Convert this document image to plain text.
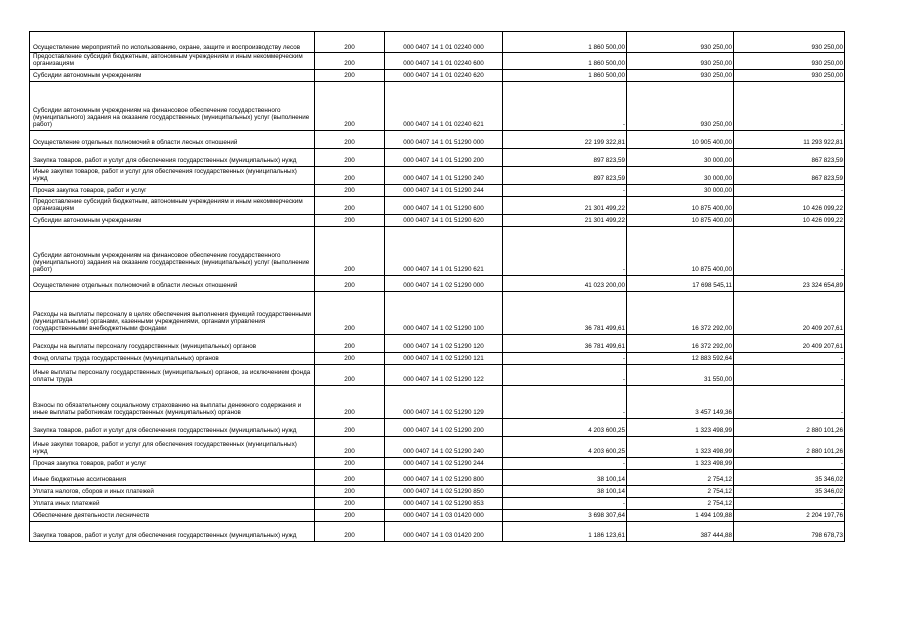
Осуществление мероприятий по использованию, охране, защите и воспроизводству лесов	200	000 0407 14 1 01 02240 000	1 860 500,00	930 250,00	930 250,00
Предоставление субсидий бюджетным, автономным учреждениям и иным некоммерческим организациям	200	000 0407 14 1 01 02240 600	1 860 500,00	930 250,00	930 250,00
Субсидии автономным учреждениям	200	000 0407 14 1 01 02240 620	1 860 500,00	930 250,00	930 250,00
Субсидии автономным учреждениям на финансовое обеспечение государственного (муниципального) задания на оказание государственных (муниципальных) услуг (выполнение работ)	200	000 0407 14 1 01 02240 621	-	930 250,00	-
Осуществление отдельных полномочий в области лесных отношений	200	000 0407 14 1 01 51290 000	22 199 322,81	10 905 400,00	11 293 922,81
Закупка товаров, работ и услуг для обеспечения государственных (муниципальных) нужд	200	000 0407 14 1 01 51290 200	897 823,59	30 000,00	867 823,59
Иные закупки товаров, работ и услуг для обеспечения государственных (муниципальных) нужд	200	000 0407 14 1 01 51290 240	897 823,59	30 000,00	867 823,59
Прочая закупка товаров, работ и услуг	200	000 0407 14 1 01 51290 244	-	30 000,00	-
Предоставление субсидий бюджетным, автономным учреждениям и иным некоммерческим организациям	200	000 0407 14 1 01 51290 600	21 301 499,22	10 875 400,00	10 426 099,22
Субсидии автономным учреждениям	200	000 0407 14 1 01 51290 620	21 301 499,22	10 875 400,00	10 426 099,22
Субсидии автономным учреждениям на финансовое обеспечение государственного (муниципального) задания на оказание государственных (муниципальных) услуг (выполнение работ)	200	000 0407 14 1 01 51290 621	-	10 875 400,00	-
Осуществление отдельных полномочий в области лесных отношений	200	000 0407 14 1 02 51290 000	41 023 200,00	17 698 545,11	23 324 654,89
Расходы на выплаты персоналу в целях обеспечения выполнения функций государственными (муниципальными) органами, казенными учреждениями, органами управления государственными внебюджетными фондами	200	000 0407 14 1 02 51290 100	36 781 499,61	16 372 292,00	20 409 207,61
Расходы на выплаты персоналу государственных (муниципальных) органов	200	000 0407 14 1 02 51290 120	36 781 499,61	16 372 292,00	20 409 207,61
Фонд оплаты труда государственных (муниципальных) органов	200	000 0407 14 1 02 51290 121	-	12 883 592,64	-
Иные выплаты персоналу государственных (муниципальных) органов, за исключением фонда оплаты труда	200	000 0407 14 1 02 51290 122	-	31 550,00	-
Взносы по обязательному социальному страхованию на выплаты денежного содержания и иные выплаты работникам государственных (муниципальных) органов	200	000 0407 14 1 02 51290 129	-	3 457 149,36	-
Закупка товаров, работ и услуг для обеспечения государственных (муниципальных) нужд	200	000 0407 14 1 02 51290 200	4 203 600,25	1 323 498,99	2 880 101,26
Иные закупки товаров, работ и услуг для обеспечения государственных (муниципальных) нужд	200	000 0407 14 1 02 51290 240	4 203 600,25	1 323 498,99	2 880 101,26
Прочая закупка товаров, работ и услуг	200	000 0407 14 1 02 51290 244	-	1 323 498,99	-
Иные бюджетные ассигнования	200	000 0407 14 1 02 51290 800	38 100,14	2 754,12	35 346,02
Уплата налогов, сборов и иных платежей	200	000 0407 14 1 02 51290 850	38 100,14	2 754,12	35 346,02
Уплата иных платежей	200	000 0407 14 1 02 51290 853	-	2 754,12	-
Обеспечение деятельности лесничеств	200	000 0407 14 1 03 01420 000	3 698 307,64	1 494 109,88	2 204 197,76
Закупка товаров, работ и услуг для обеспечения государственных (муниципальных) нужд	200	000 0407 14 1 03 01420 200	1 186 123,61	387 444,88	798 678,73
